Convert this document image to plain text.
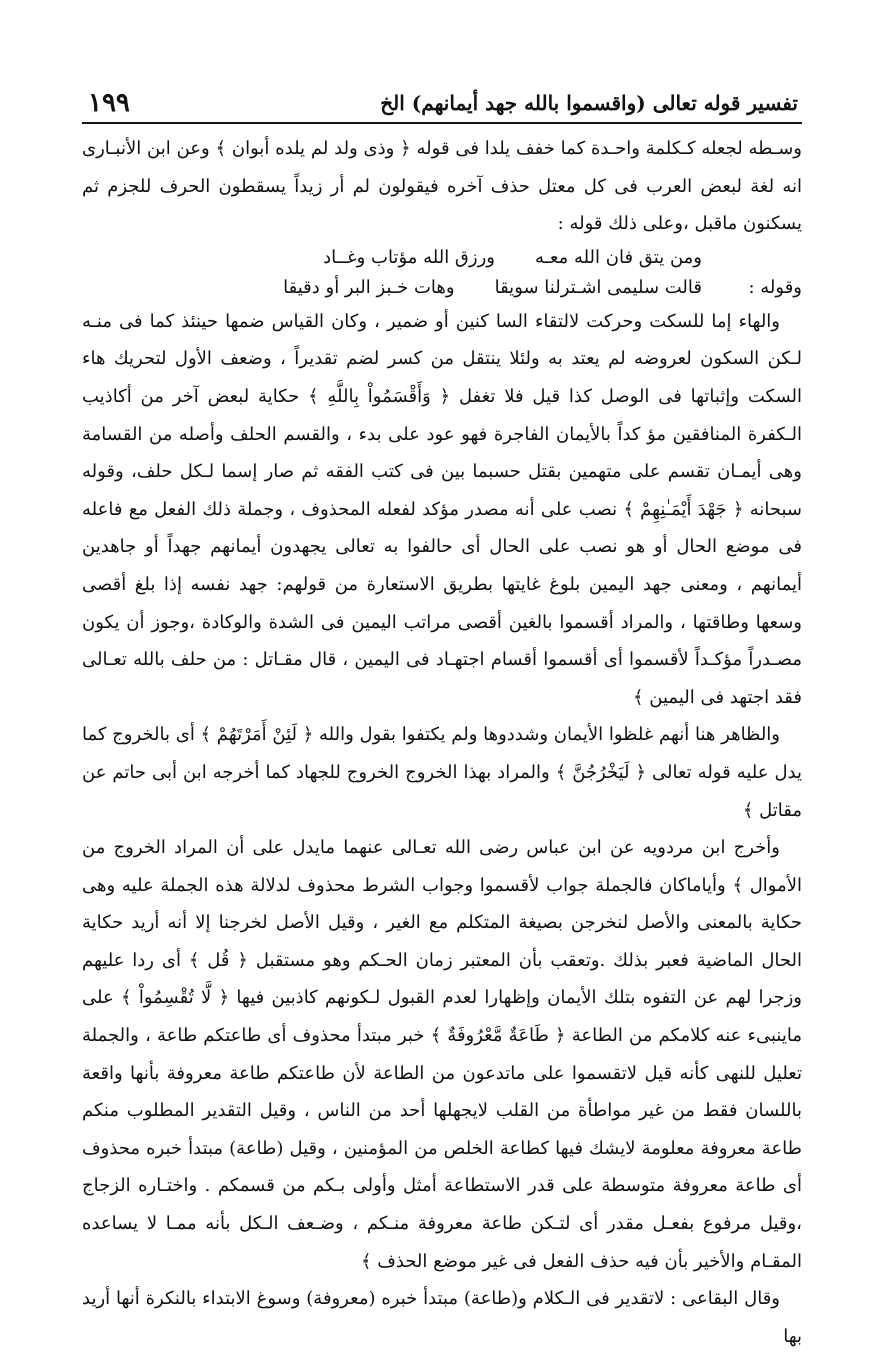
تفسير قوله تعالى (واقسموا بالله جهد أيمانهم) الخ
١٩٩

وسـطه لجعله كـكلمة واحـدة كما خفف يلدا فى قوله ﴿ وذى ولد لم يلده أبوان ﴾ وعن ابن الأنبـارى انه لغة لبعض العرب فى كل معتل حذف آخره فيقولون لم أر زيداً يسقطون الحرف للجزم ثم يسكنون ماقبل ،وعلى ذلك قوله :

ومن يتق فان الله معـه
ورزق الله مؤتاب وغــاد
وقوله :
قالت سليمى اشـترلنا سويقا
وهات خـبز البر أو دقيقا

والهاء إما للسكت وحركت لالتقاء السا كنين أو ضمير ، وكان القياس ضمها حينئذ كما فى منـه لـكن السكون لعروضه لم يعتد به ولئلا ينتقل من كسر لضم تقديراً ، وضعف الأول لتحريك هاء السكت وإثباتها فى الوصل كذا قيل فلا تغفل ﴿ وَأَقْسَمُواْ بِاللَّهِ ﴾ حكاية لبعض آخر من أكاذيب الـكفرة المنافقين مؤ كداً بالأيمان الفاجرة فهو عود على بدء ، والقسم الحلف وأصله من القسامة وهى أيمـان تقسم على متهمين بقتل حسبما بين فى كتب الفقه ثم صار إسما لـكل حلف، وقوله سبحانه ﴿ جَهْدَ أَيْمَـٰنِهِمْ ﴾ نصب على أنه مصدر مؤكد لفعله المحذوف ، وجملة ذلك الفعل مع فاعله فى موضع الحال أو هو نصب على الحال أى حالفوا به تعالى يجهدون أيمانهم جهداً أو جاهدين أيمانهم ، ومعنى جهد اليمين بلوغ غايتها بطريق الاستعارة من قولهم: جهد نفسه إذا بلغ أقصى وسعها وطاقتها ، والمراد أقسموا بالغين أقصى مراتب اليمين فى الشدة والوكادة ،وجوز أن يكون مصـدراً مؤكـداً لأقسموا أى أقسموا أقسام اجتهـاد فى اليمين ، قال مقـاتل : من حلف بالله تعـالى فقد اجتهد فى اليمين ﴾

والظاهر هنا أنهم غلظوا الأيمان وشددوها ولم يكتفوا بقول والله ﴿ لَئِنْ أَمَرْتَهُمْ ﴾ أى بالخروج كما يدل عليه قوله تعالى ﴿ لَيَخْرُجُنَّ ﴾ والمراد بهذا الخروج الخروج للجهاد كما أخرجه ابن أبى حاتم عن مقاتل ﴾

وأخرج ابن مردويه عن ابن عباس رضى الله تعـالى عنهما مايدل على أن المراد الخروج من الأموال ﴾ وأياماكان فالجملة جواب لأقسموا وجواب الشرط محذوف لدلالة هذه الجملة عليه وهى حكاية بالمعنى والأصل لنخرجن بصيغة المتكلم مع الغير ، وقيل الأصل لخرجنا إلا أنه أريد حكاية الحال الماضية فعبر بذلك .وتعقب بأن المعتبر زمان الحـكم وهو مستقبل ﴿ قُل ﴾ أى ردا عليهم وزجرا لهم عن التفوه بتلك الأيمان وإظهارا لعدم القبول لـكونهم كاذبين فيها ﴿ لَّا تُقْسِمُواْ ﴾ على ماينبىء عنه كلامكم من الطاعة ﴿ طَاعَةٌ مَّعْرُوفَةٌ ﴾ خبر مبتدأ محذوف أى طاعتكم طاعة ، والجملة تعليل للنهى كأنه قيل لاتقسموا على ماتدعون من الطاعة لأن طاعتكم طاعة معروفة بأنها واقعة باللسان فقط من غير مواطأة من القلب لايجهلها أحد من الناس ، وقيل التقدير المطلوب منكم طاعة معروفة معلومة لايشك فيها كطاعة الخلص من المؤمنين ، وقيل (طاعة) مبتدأ خبره محذوف أى طاعة معروفة متوسطة على قدر الاستطاعة أمثل وأولى بـكم من قسمكم . واختـاره الزجاج ،وقيل مرفوع بفعـل مقدر أى لتـكن طاعة معروفة منـكم ، وضـعف الـكل بأنه ممـا لا يساعده المقـام والأخير بأن فيه حذف الفعل فى غير موضع الحذف ﴾

وقال البقاعى : لاتقدير فى الـكلام و(طاعة) مبتدأ خبره (معروفة) وسوغ الابتداء بالنكرة أنها أريد بها
